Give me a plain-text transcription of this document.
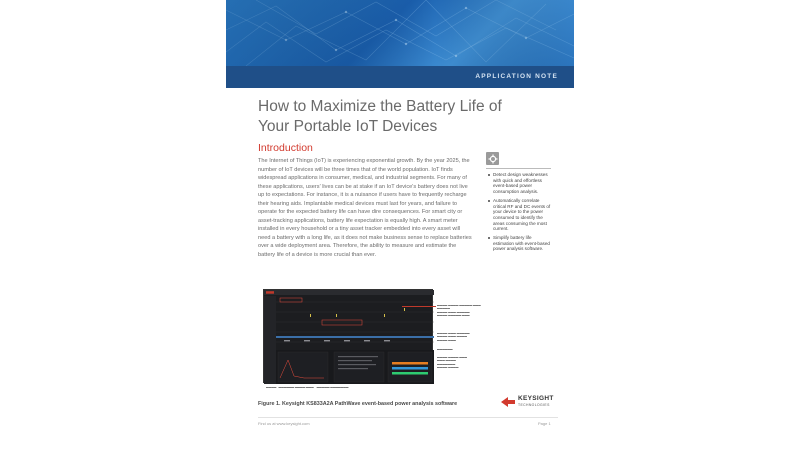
APPLICATION NOTE
How to Maximize the Battery Life of
Your Portable IoT Devices
Introduction

The Internet of Things (IoT) is experiencing exponential growth. By the year 2025, the number of IoT devices will be three times that of the world population. IoT finds widespread applications in consumer, medical, and industrial segments. For many of these applications, users' lives can be at stake if an IoT device's battery does not live up to expectations. For instance, it is a nuisance if users have to frequently recharge their hearing aids. Implantable medical devices must last for years, and failure to operate for the expected battery life can have dire consequences. For smart city or asset-tracking applications, battery life expectation is equally high. A smart meter installed in every household or a tiny asset tracker embedded into every asset will need a battery with a long life, as it does not make business sense to replace batteries over a wide deployment area. Therefore, the ability to measure and estimate the battery life of a device is more crucial than ever.

Detect design weaknesses with quick and effortless event-based power consumption analysis.
Automatically correlate critical RF and DC events of your device to the power consumed to identify the areas consuming the most current.
Simplify battery life estimation with event-based power analysis software.
▬▬▬▬ ▬▬▬▬ ▬▬▬▬▬ ▬▬▬ ▬▬▬▬▬
▬▬▬▬ ▬▬▬ ▬▬▬▬▬
▬▬▬▬ ▬▬▬▬▬ ▬▬▬
▬▬▬▬ ▬▬▬ ▬▬▬▬▬
▬▬▬▬ ▬▬▬ ▬▬▬▬
▬▬▬▬ ▬▬▬
▬▬▬▬▬▬
▬▬▬▬ ▬▬▬▬ ▬▬▬
▬▬▬ ▬▬▬▬
▬▬▬▬▬▬▬
▬▬▬▬ ▬▬▬▬
▬▬▬▬   ▬▬▬▬▬▬ ▬▬▬▬ ▬▬▬    ▬▬▬▬▬ ▬▬▬▬▬▬▬
Figure 1. Keysight KS833A2A PathWave event-based power analysis software
KEYSIGHT
TECHNOLOGIES
Find us at www.keysight.com	Page 1
